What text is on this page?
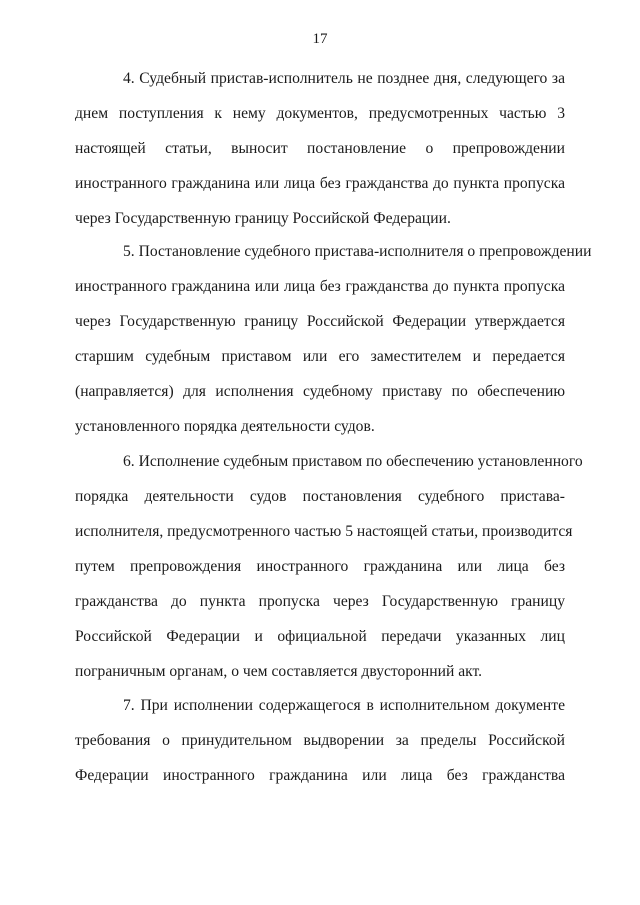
17
4. Судебный пристав-исполнитель не позднее дня, следующего за
днем поступления к нему документов, предусмотренных частью 3
настоящей статьи, выносит постановление о препровождении
иностранного гражданина или лица без гражданства до пункта пропуска
через Государственную границу Российской Федерации.
5. Постановление судебного пристава-исполнителя о препровождении
иностранного гражданина или лица без гражданства до пункта пропуска
через Государственную границу Российской Федерации утверждается
старшим судебным приставом или его заместителем и передается
(направляется) для исполнения судебному приставу по обеспечению
установленного порядка деятельности судов.
6. Исполнение судебным приставом по обеспечению установленного
порядка деятельности судов постановления судебного пристава-
исполнителя, предусмотренного частью 5 настоящей статьи, производится
путем препровождения иностранного гражданина или лица без
гражданства до пункта пропуска через Государственную границу
Российской Федерации и официальной передачи указанных лиц
пограничным органам, о чем составляется двусторонний акт.
7. При исполнении содержащегося в исполнительном документе
требования о принудительном выдворении за пределы Российской
Федерации иностранного гражданина или лица без гражданства
